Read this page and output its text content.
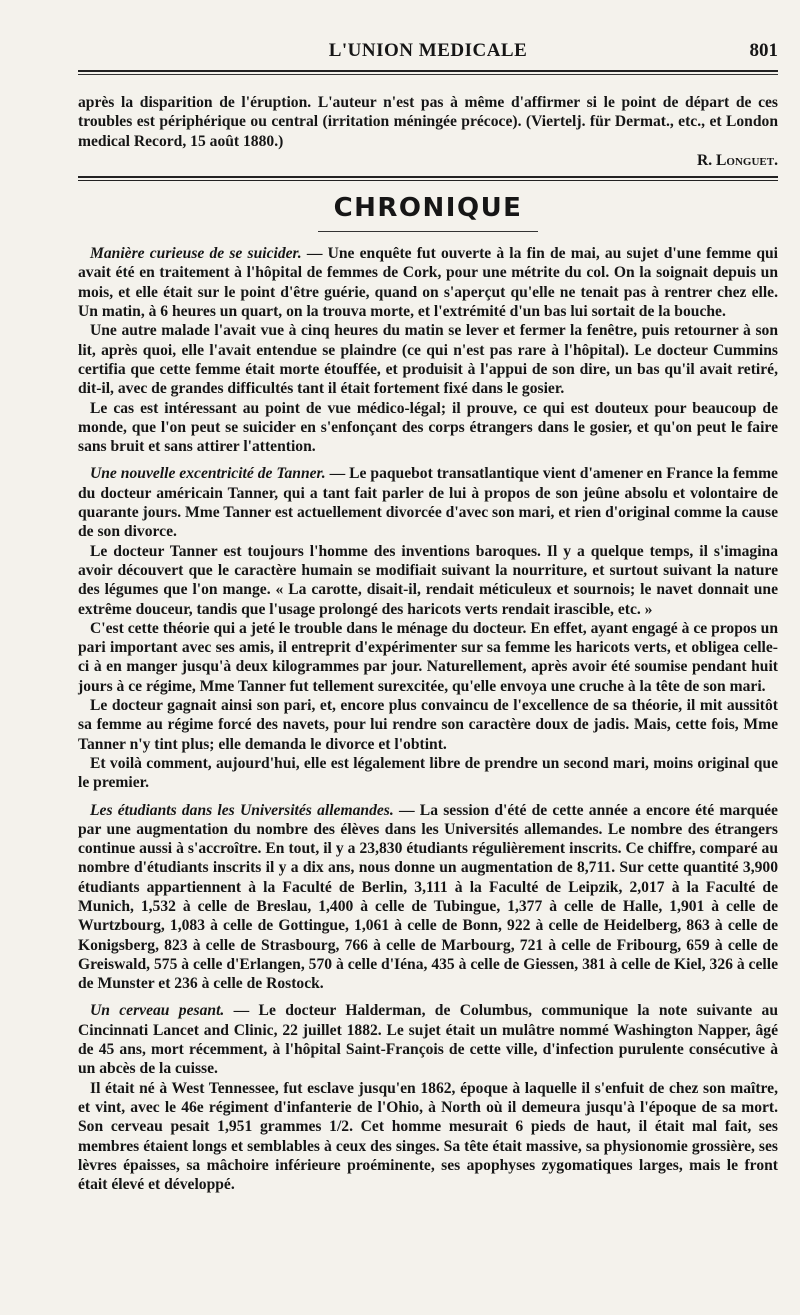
L'UNION MEDICALE	801

après la disparition de l'éruption. L'auteur n'est pas à même d'affirmer si le point de départ de ces troubles est périphérique ou central (irritation méningée précoce). (Viertelj. für Dermat., etc., et London medical Record, 15 août 1880.)

R. Longuet.

CHRONIQUE

Manière curieuse de se suicider. — Une enquête fut ouverte à la fin de mai, au sujet d'une femme qui avait été en traitement à l'hôpital de femmes de Cork, pour une métrite du col. On la soignait depuis un mois, et elle était sur le point d'être guérie, quand on s'aperçut qu'elle ne tenait pas à rentrer chez elle. Un matin, à 6 heures un quart, on la trouva morte, et l'extrémité d'un bas lui sortait de la bouche.

Une autre malade l'avait vue à cinq heures du matin se lever et fermer la fenêtre, puis retourner à son lit, après quoi, elle l'avait entendue se plaindre (ce qui n'est pas rare à l'hôpital). Le docteur Cummins certifia que cette femme était morte étouffée, et produisit à l'appui de son dire, un bas qu'il avait retiré, dit-il, avec de grandes difficultés tant il était fortement fixé dans le gosier.

Le cas est intéressant au point de vue médico-légal; il prouve, ce qui est douteux pour beaucoup de monde, que l'on peut se suicider en s'enfonçant des corps étrangers dans le gosier, et qu'on peut le faire sans bruit et sans attirer l'attention.

Une nouvelle excentricité de Tanner. — Le paquebot transatlantique vient d'amener en France la femme du docteur américain Tanner, qui a tant fait parler de lui à propos de son jeûne absolu et volontaire de quarante jours. Mme Tanner est actuellement divorcée d'avec son mari, et rien d'original comme la cause de son divorce.

Le docteur Tanner est toujours l'homme des inventions baroques. Il y a quelque temps, il s'imagina avoir découvert que le caractère humain se modifiait suivant la nourriture, et surtout suivant la nature des légumes que l'on mange. « La carotte, disait-il, rendait méticuleux et sournois; le navet donnait une extrême douceur, tandis que l'usage prolongé des haricots verts rendait irascible, etc. »

C'est cette théorie qui a jeté le trouble dans le ménage du docteur. En effet, ayant engagé à ce propos un pari important avec ses amis, il entreprit d'expérimenter sur sa femme les haricots verts, et obligea celle-ci à en manger jusqu'à deux kilogrammes par jour. Naturellement, après avoir été soumise pendant huit jours à ce régime, Mme Tanner fut tellement surexcitée, qu'elle envoya une cruche à la tête de son mari.

Le docteur gagnait ainsi son pari, et, encore plus convaincu de l'excellence de sa théorie, il mit aussitôt sa femme au régime forcé des navets, pour lui rendre son caractère doux de jadis. Mais, cette fois, Mme Tanner n'y tint plus; elle demanda le divorce et l'obtint.

Et voilà comment, aujourd'hui, elle est légalement libre de prendre un second mari, moins original que le premier.

Les étudiants dans les Universités allemandes. — La session d'été de cette année a encore été marquée par une augmentation du nombre des élèves dans les Universités allemandes. Le nombre des étrangers continue aussi à s'accroître. En tout, il y a 23,830 étudiants régulièrement inscrits. Ce chiffre, comparé au nombre d'étudiants inscrits il y a dix ans, nous donne un augmentation de 8,711. Sur cette quantité 3,900 étudiants appartiennent à la Faculté de Berlin, 3,111 à la Faculté de Leipzik, 2,017 à la Faculté de Munich, 1,532 à celle de Breslau, 1,400 à celle de Tubingue, 1,377 à celle de Halle, 1,901 à celle de Wurtzbourg, 1,083 à celle de Gottingue, 1,061 à celle de Bonn, 922 à celle de Heidelberg, 863 à celle de Konigsberg, 823 à celle de Strasbourg, 766 à celle de Marbourg, 721 à celle de Fribourg, 659 à celle de Greiswald, 575 à celle d'Erlangen, 570 à celle d'Iéna, 435 à celle de Giessen, 381 à celle de Kiel, 326 à celle de Munster et 236 à celle de Rostock.

Un cerveau pesant. — Le docteur Halderman, de Columbus, communique la note suivante au Cincinnati Lancet and Clinic, 22 juillet 1882. Le sujet était un mulâtre nommé Washington Napper, âgé de 45 ans, mort récemment, à l'hôpital Saint-François de cette ville, d'infection purulente consécutive à un abcès de la cuisse.

Il était né à West Tennessee, fut esclave jusqu'en 1862, époque à laquelle il s'enfuit de chez son maître, et vint, avec le 46e régiment d'infanterie de l'Ohio, à North où il demeura jusqu'à l'époque de sa mort. Son cerveau pesait 1,951 grammes 1/2. Cet homme mesurait 6 pieds de haut, il était mal fait, ses membres étaient longs et semblables à ceux des singes. Sa tête était massive, sa physionomie grossière, ses lèvres épaisses, sa mâchoire inférieure proéminente, ses apophyses zygomatiques larges, mais le front était élevé et développé.
